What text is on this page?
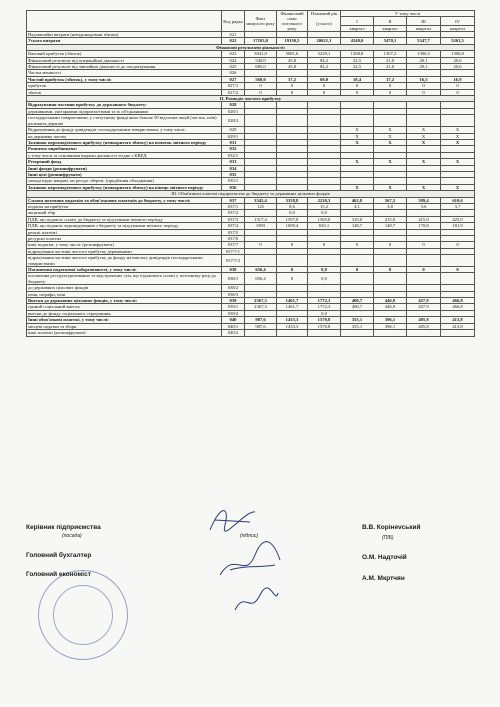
	Код рядка	Факт минулого року	Фінансовий план поточного року	Плановий рік	У тому числі			
				(усього)	I	II	III	IV
					квартал	квартал	квартал	квартал
Надзвичайні витрати (невідшкодовані збитки)	021							
Усього витрати	022	17103,0	19130,5	20621,1	4540,0	5470,1	5347,7	5263,3
Фінансові результати діяльності:								
Валовий прибуток (збиток)	023	5041,0	5081,6	5229,1	1308,8	1307,2	1306,3	1306,8
Фінансовий результат від операційної діяльності	024	540,0	45,8	84,2	22,5	21,0	20,1	20,6
Фінансовий результат від звичайної діяльності до оподаткування	025	685,0	45,8	84,2	22,5	21,0	20,1	20,6
Частка меншості	026							
Чистий прибуток (збиток), у тому числі:	027	560,0	37,2	69,0	18,4	17,2	16,5	16,9
прибуток	027/1	0	0	0	0	0	0	0
збиток	027/2	0	0	0	0	0	0	0
II. Розподіл чистого прибутку								
Відрахування частини прибутку до державного бюджету:	028							
державними, унітарними підприємствами та їх об'єднаннями	028/1							
господарськими товариствами, у статутному фонді яких більше 50 відсотків акцій (часток, паїв) належить державі	028/2							
Відрахування до фонду дивідендів: господарськими товариствами, у тому числі:	029				X	X	X	X
на державну частку	029/1				X	X	X	X
Залишок нерозподіленого прибутку (непокритого збитку) на початок звітного періоду	031				X	X	X	X
Розвиток виробництва:	032							
у тому числі за основними видами діяльності згідно з КВЕД	032/1							
Резервний фонд	033				X	X	X	X
Інші фонди (розшифрувати)	034							
Інші цілі (розшифрувати)	035							
заходи щодо напрям. на ресурс збереж. (придбання обладнання)	035/1							
Залишок нерозподіленого прибутку (непокритого збитку) на кінець звітного періоду	036				X	X	X	X
III. Обов'язкові платежі підприємства до бюджету та державних цільових фондів								
Сплата поточних податків та обов'язкових платежів до бюджету, у тому числі:	037	3345,4	3358,8	2230,3	462,8	567,5	589,4	610,6
податок на прибуток	037/1	125	8,6	15,2	4,1	3,8	3,6	3,7
акцизний збір	037/2		0,0	0,0				
ПДВ, що підлягає сплаті до бюджету за підсумками звітного періоду	037/3	1317,4	1597,8	1565,0	310,0	415,0	415,0	425,0
ПДВ, що підлягає відшкодуванню з бюджету за підсумками звітного періоду	037/4	1903	1699,4	650,1	148,7	148,7	170,8	181,9
рентні платежі	037/5							
ресурсні платежі	037/6							
інші податки, у тому числі: (розшифрувати)	037/7	0	0	0	0	0	0	0
відрахування частини чистого прибутку державними	037/7/1							
відрахування частини чистого прибутку до фонду на виплату дивідендів господарськими товариствами	037/7/2							
Погашення податкової заборгованості, у тому числі:	038	656,4	0	0,0	0	0	0	0
погашення реструктуризованих та відстрочених сум, що підлягають сплаті у поточному році до бюджету:	038/1	656,4	0	0,0				
до державних цільових фондів	038/2							
пеня, штрафи, пені	038/3							
Внески до державних цільових фондів, у тому числі:	039	2367,3	1461,7	1772,3	400,7	446,9	457,9	466,8
єдиний соціальний внесок	039/1	2367,3	1461,7	1772,3	400,7	446,9	457,9	466,8
внески до фонду соціального страхування	039/2			0,0				
Інші обов'язкові платежі, у тому числі:	040	987,6	1433,3	1570,8	355,1	396,1	405,8	413,8
місцеві податки та збори	040/1	987,6	1433,3	1570,8	355,1	396,1	405,8	413,8
інші платежі (розшифрувати)	040/2							
Керівник підприємства
(посада)	(підпис)
В.В. Корінevський
(ПІБ)
Головний бухгалтер	О.М. Надточій
Головний економіст
А.М. Мкртчян
